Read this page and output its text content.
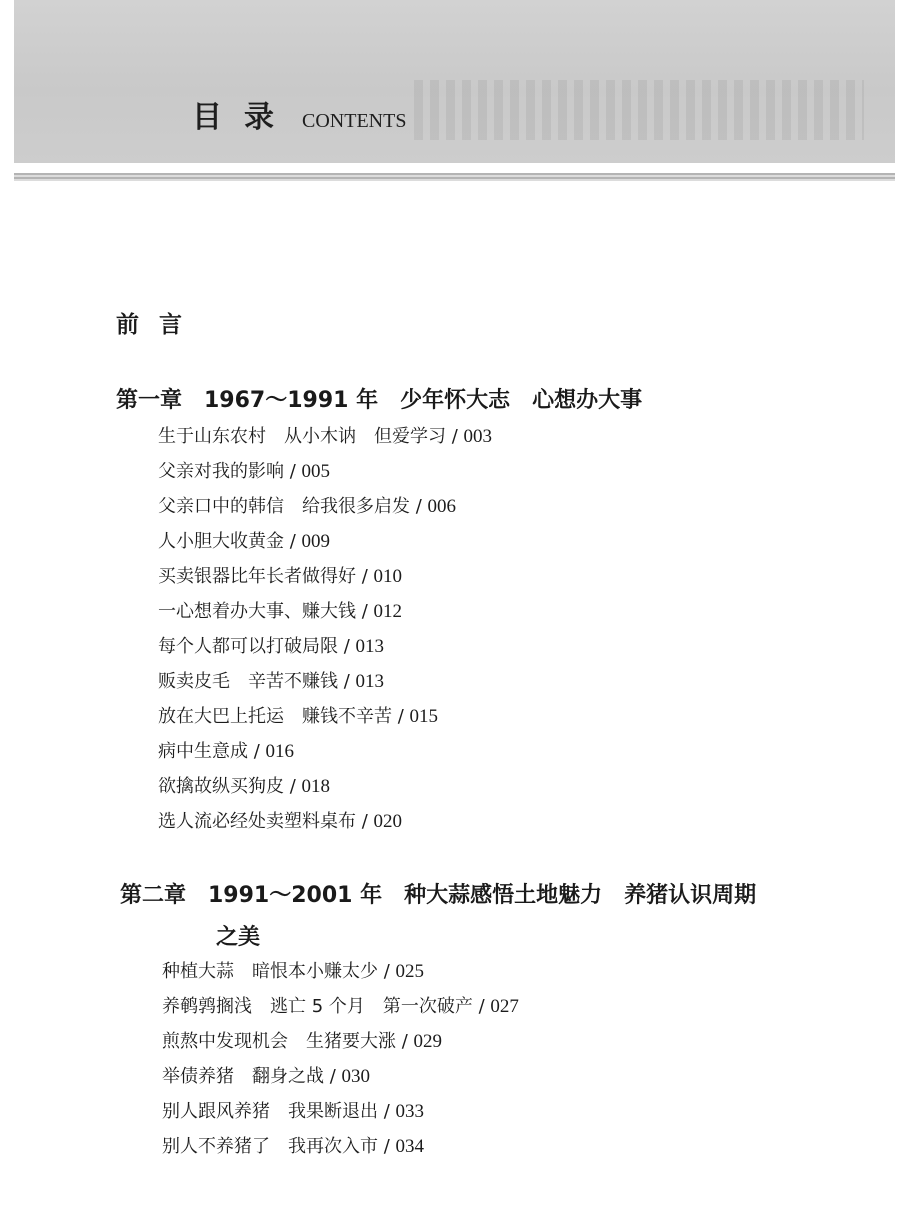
目录 CONTENTS
前言
第一章　1967～1991 年　少年怀大志　心想办大事
生于山东农村　从小木讷　但爱学习 / 003
父亲对我的影响 / 005
父亲口中的韩信　给我很多启发 / 006
人小胆大收黄金 / 009
买卖银器比年长者做得好 / 010
一心想着办大事、赚大钱 / 012
每个人都可以打破局限 / 013
贩卖皮毛　辛苦不赚钱 / 013
放在大巴上托运　赚钱不辛苦 / 015
病中生意成 / 016
欲擒故纵买狗皮 / 018
选人流必经处卖塑料桌布 / 020
第二章　1991～2001 年　种大蒜感悟土地魅力　养猪认识周期
之美
种植大蒜　暗恨本小赚太少 / 025
养鹌鹑搁浅　逃亡 5 个月　第一次破产 / 027
煎熬中发现机会　生猪要大涨 / 029
举债养猪　翻身之战 / 030
别人跟风养猪　我果断退出 / 033
别人不养猪了　我再次入市 / 034
